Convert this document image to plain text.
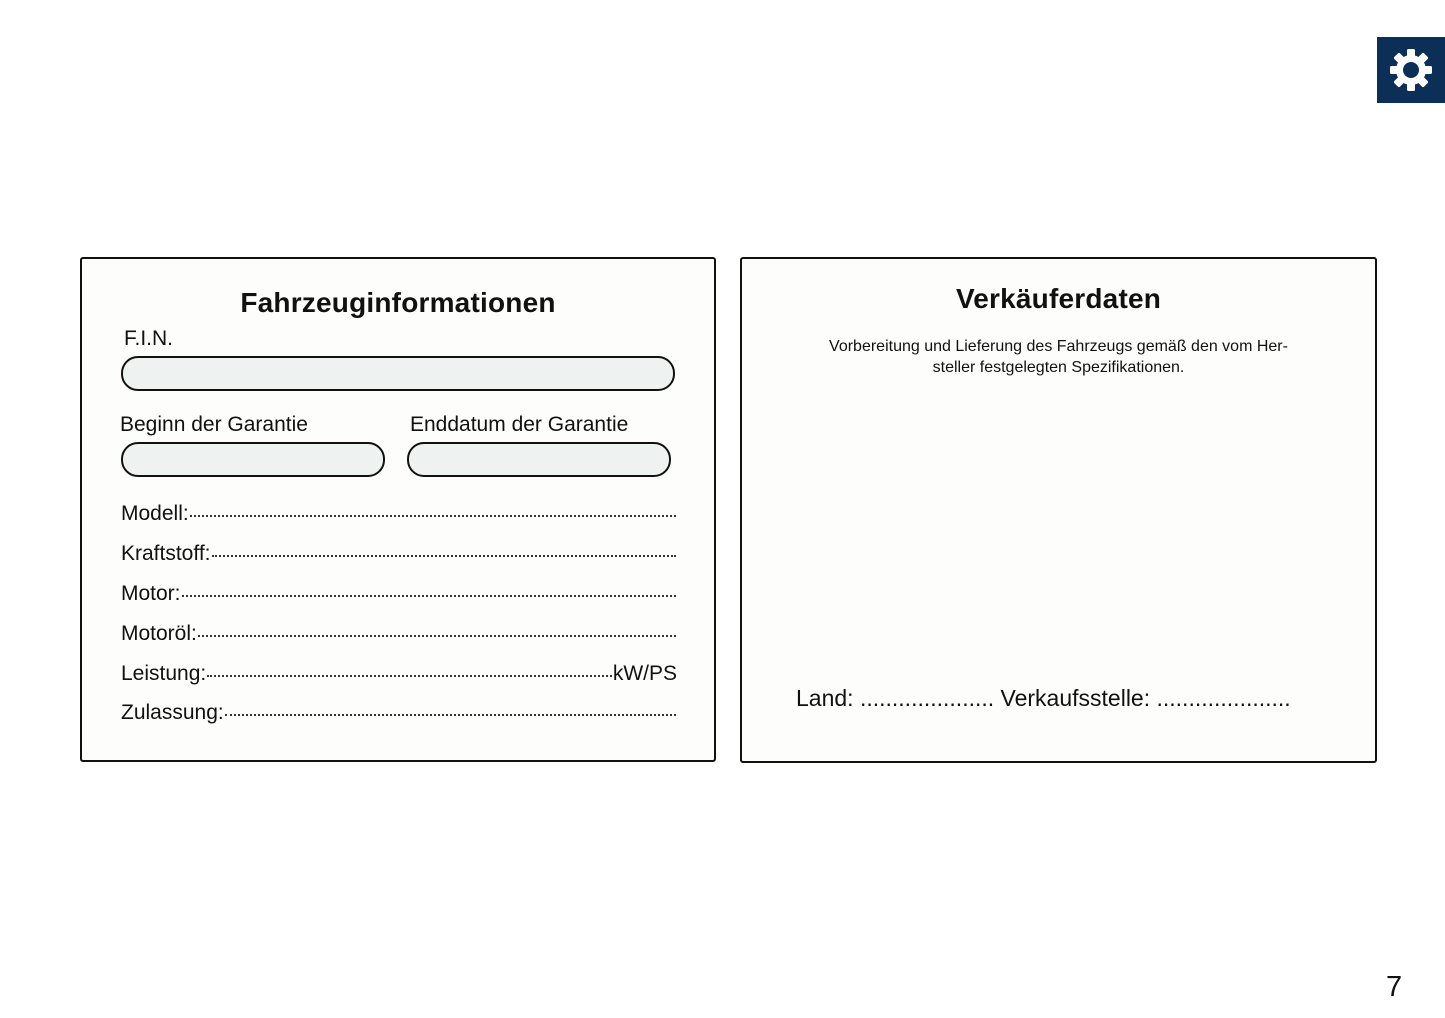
Fahrzeuginformationen
F.I.N.
Beginn der Garantie	Enddatum der Garantie
Modell:
Kraftstoff:
Motor:
Motoröl:
Leistung:	kW/PS
Zulassung:
Verkäuferdaten
Vorbereitung und Lieferung des Fahrzeugs gemäß den vom Her-
steller festgelegten Spezifikationen.
Land: ..................... Verkaufsstelle: .....................
7
